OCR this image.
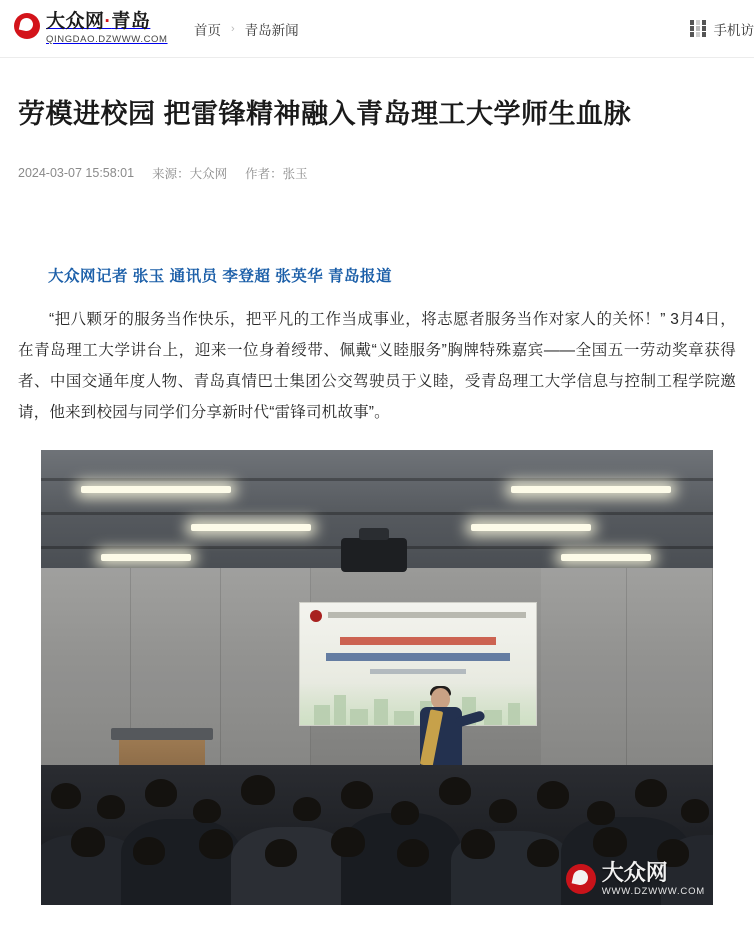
大众网·青岛
QINGDAO.DZWWW.COM
首页 › 青岛新闻	手机访
劳模进校园 把雷锋精神融入青岛理工大学师生血脉
2024-03-07 15:58:01 来源：大众网 作者：张玉
大众网记者 张玉 通讯员 李登超 张英华 青岛报道

“把八颗牙的服务当作快乐，把平凡的工作当成事业，将志愿者服务当作对家人的关怀！” 3月4日，在青岛理工大学讲台上，迎来一位身着绶带、佩戴“义睦服务”胸牌特殊嘉宾——全国五一劳动奖章获得者、中国交通年度人物、青岛真情巴士集团公交驾驶员于义睦，受青岛理工大学信息与控制工程学院邀请，他来到校园与同学们分享新时代“雷锋司机故事”。

大众网
WWW.DZWWW.COM
